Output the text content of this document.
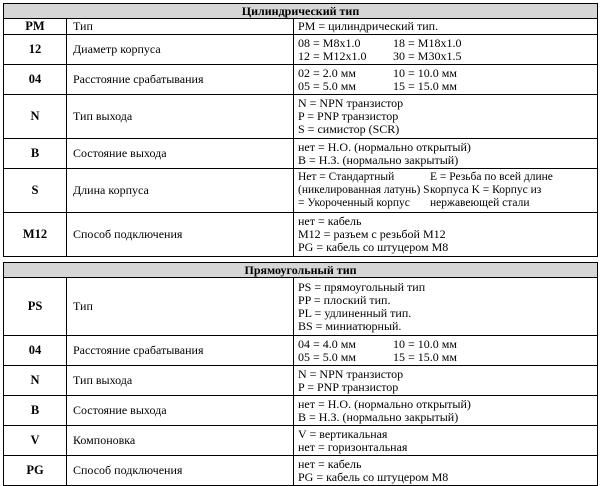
Цилиндрический тип		
PM	Тип	PM = цилиндрический тип.

12	Диаметр корпуса	08 = M8x1.0 18 = M18x1.0
12 = M12x1.0 30 = M30x1.5

04	Расстояние срабатывания	02 = 2.0 мм 10 = 10.0 мм
05 = 5.0 мм 15 = 15.0 мм

N	Тип выхода	N = NPN транзистор
P = PNP транзистор
S = симистор (SCR)

B	Состояние выхода	нет = Н.О. (нормально открытый)
B = Н.З. (нормально закрытый)

S	Длина корпуса	Нет = Стандартный (никелированная латунь) S = Укороченный корпус
E = Резьба по всей длине корпуса K = Корпус из нержавеющей стали

M12	Способ подключения	нет = кабель
M12 = разъем с резьбой M12
PG = кабель со штуцером M8
Прямоугольный тип		
PS	Тип	PS = прямоугольный тип
PP = плоский тип.
PL = удлиненный тип.
BS = миниатюрный.

04	Расстояние срабатывания	04 = 4.0 мм 10 = 10.0 мм
05 = 5.0 мм 15 = 15.0 мм

N	Тип выхода	N = NPN транзистор
P = PNP транзистор

B	Состояние выхода	нет = Н.О. (нормально открытый)
B = Н.З. (нормально закрытый)

V	Компоновка	V = вертикальная
нет = горизонтальная

PG	Способ подключения	нет = кабель
PG = кабель со штуцером M8
